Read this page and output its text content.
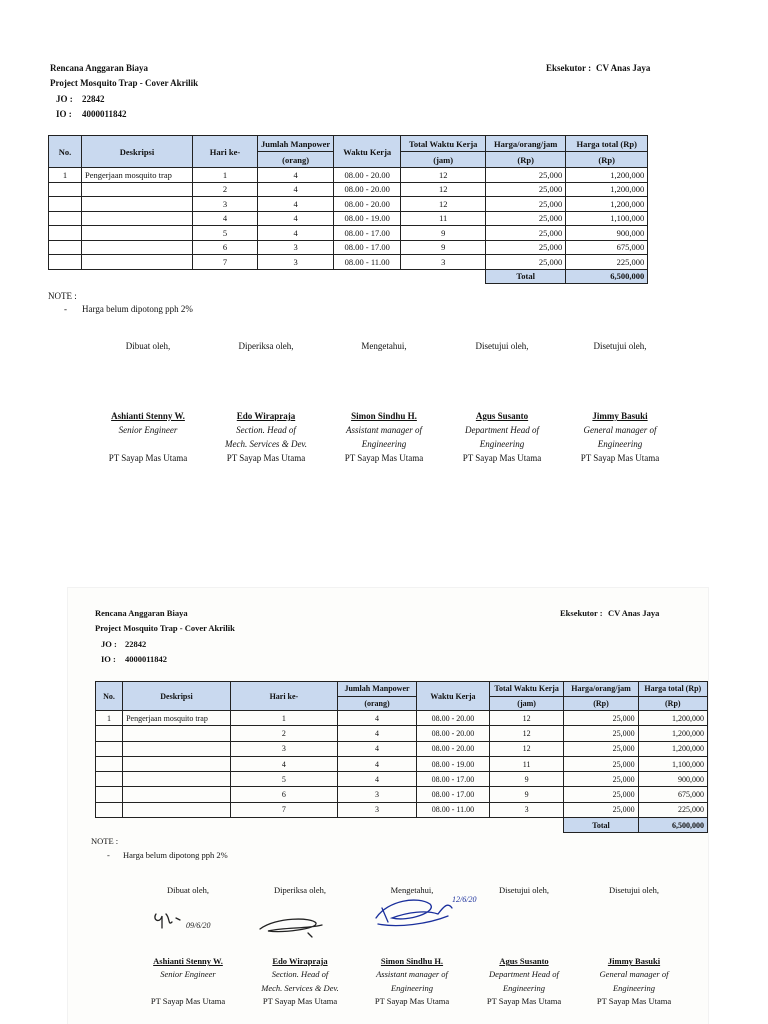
Rencana Anggaran Biaya
Project Mosquito Trap - Cover Akrilik
JO : 22842
IO : 4000011842
Eksekutor : CV Anas Jaya
No.	Deskripsi	Hari ke-	Jumlah Manpower	Waktu Kerja	Total Waktu Kerja	Harga/orang/jam	Harga total (Rp)
			(orang)		(jam)	(Rp)	(Rp)
1	Pengerjaan mosquito trap	1	4	08.00 - 20.00	12	25,000	1,200,000
		2	4	08.00 - 20.00	12	25,000	1,200,000
		3	4	08.00 - 20.00	12	25,000	1,200,000
		4	4	08.00 - 19.00	11	25,000	1,100,000
		5	4	08.00 - 17.00	9	25,000	900,000
		6	3	08.00 - 17.00	9	25,000	675,000
		7	3	08.00 - 11.00	3	25,000	225,000
						Total	6,500,000
NOTE :
- Harga belum dipotong pph 2%
Dibuat oleh,
Ashianti Stenny W.
Senior Engineer

PT Sayap Mas Utama
Diperiksa oleh,
Edo Wirapraja
Section. Head of
Mech. Services & Dev.
PT Sayap Mas Utama
Mengetahui,
Simon Sindhu H.
Assistant manager of
Engineering
PT Sayap Mas Utama
Disetujui oleh,
Agus Susanto
Department Head of
Engineering
PT Sayap Mas Utama
Disetujui oleh,
Jimmy Basuki
General manager of
Engineering
PT Sayap Mas Utama
Rencana Anggaran Biaya
Project Mosquito Trap - Cover Akrilik
JO : 22842
IO : 4000011842
Eksekutor : CV Anas Jaya
No.	Deskripsi	Hari ke-	Jumlah Manpower	Waktu Kerja	Total Waktu Kerja	Harga/orang/jam	Harga total (Rp)
			(orang)		(jam)	(Rp)	(Rp)
1	Pengerjaan mosquito trap	1	4	08.00 - 20.00	12	25,000	1,200,000
		2	4	08.00 - 20.00	12	25,000	1,200,000
		3	4	08.00 - 20.00	12	25,000	1,200,000
		4	4	08.00 - 19.00	11	25,000	1,100,000
		5	4	08.00 - 17.00	9	25,000	900,000
		6	3	08.00 - 17.00	9	25,000	675,000
		7	3	08.00 - 11.00	3	25,000	225,000
						Total	6,500,000
NOTE :
- Harga belum dipotong pph 2%
Dibuat oleh,
Ashianti Stenny W.
Senior Engineer

PT Sayap Mas Utama
Diperiksa oleh,
Edo Wirapraja
Section. Head of
Mech. Services & Dev.
PT Sayap Mas Utama
Mengetahui,
Simon Sindhu H.
Assistant manager of
Engineering
PT Sayap Mas Utama
Disetujui oleh,
Agus Susanto
Department Head of
Engineering
PT Sayap Mas Utama
Disetujui oleh,
Jimmy Basuki
General manager of
Engineering
PT Sayap Mas Utama
09/6/20
12/6/20
